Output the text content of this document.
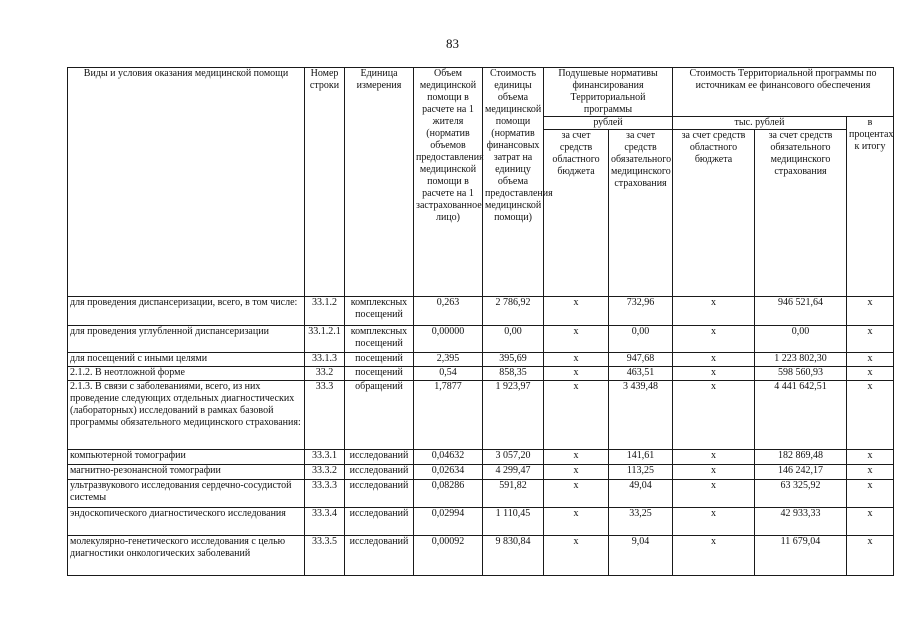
83
Виды и условия оказания медицинской помощи	Номер строки	Единица измерения	Объем медицинской помощи в расчете на 1 жителя (норматив объемов предоставления медицинской помощи в расчете на 1 застрахованное лицо)	Стоимость единицы объема медицинской помощи (норматив финансовых затрат на единицу объема предоставления медицинской помощи)	Подушевые нормативы финансирования Территориальной программы		Стоимость Территориальной программы по источникам ее финансового обеспечения		
					рублей		тыс. рублей		в процентах к итогу
					за счет средств областного бюджета	за счет средств обязательного медицинского страхования	за счет средств областного бюджета	за счет средств обязательного медицинского страхования	
для проведения диспансеризации, всего, в том числе:	33.1.2	комплексных посещений	0,263	2 786,92	х	732,96	х	946 521,64	х
для проведения углубленной диспансеризации	33.1.2.1	комплексных посещений	0,00000	0,00	х	0,00	х	0,00	х
для посещений с иными целями	33.1.3	посещений	2,395	395,69	х	947,68	х	1 223 802,30	х
2.1.2. В неотложной форме	33.2	посещений	0,54	858,35	х	463,51	х	598 560,93	х
2.1.3. В связи с заболеваниями, всего, из них проведение следующих отдельных диагностических (лабораторных) исследований в рамках базовой программы обязательного медицинского страхования:	33.3	обращений	1,7877	1 923,97	х	3 439,48	х	4 441 642,51	х
компьютерной томографии	33.3.1	исследований	0,04632	3 057,20	х	141,61	х	182 869,48	х
магнитно-резонансной томографии	33.3.2	исследований	0,02634	4 299,47	х	113,25	х	146 242,17	х
ультразвукового исследования сердечно-сосудистой системы	33.3.3	исследований	0,08286	591,82	х	49,04	х	63 325,92	х
эндоскопического диагностического исследования	33.3.4	исследований	0,02994	1 110,45	х	33,25	х	42 933,33	х
молекулярно-генетического исследования с целью диагностики онкологических заболеваний	33.3.5	исследований	0,00092	9 830,84	х	9,04	х	11 679,04	х
